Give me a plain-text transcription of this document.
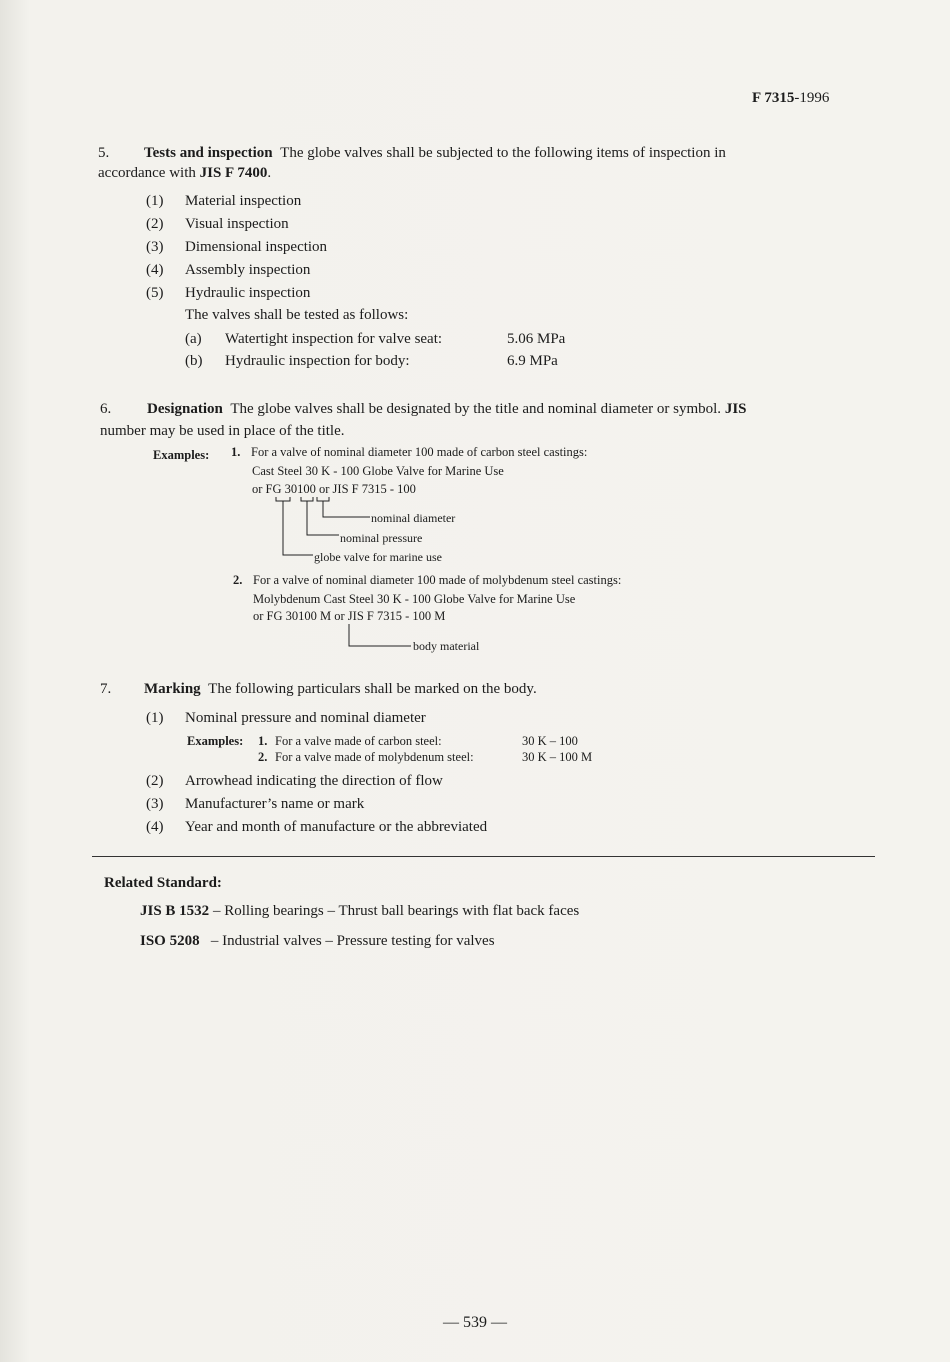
F 7315-1996
5. Tests and inspection The globe valves shall be subjected to the following items of inspection in
accordance with JIS F 7400.
(1) Material inspection
(2) Visual inspection
(3) Dimensional inspection
(4) Assembly inspection
(5) Hydraulic inspection
The valves shall be tested as follows:
(a) Watertight inspection for valve seat:	5.06 MPa
(b) Hydraulic inspection for body:	6.9 MPa
6. Designation The globe valves shall be designated by the title and nominal diameter or symbol. JIS
number may be used in place of the title.
Examples: 1. For a valve of nominal diameter 100 made of carbon steel castings:
Cast Steel 30 K - 100 Globe Valve for Marine Use
or FG 30100 or JIS F 7315 - 100
nominal diameter
nominal pressure
globe valve for marine use
2. For a valve of nominal diameter 100 made of molybdenum steel castings:
Molybdenum Cast Steel 30 K - 100 Globe Valve for Marine Use
or FG 30100 M or JIS F 7315 - 100 M
body material
7. Marking The following particulars shall be marked on the body.
(1) Nominal pressure and nominal diameter
Examples: 1. For a valve made of carbon steel:	30 K – 100
2. For a valve made of molybdenum steel:	30 K – 100 M
(2) Arrowhead indicating the direction of flow
(3) Manufacturer’s name or mark
(4) Year and month of manufacture or the abbreviated
Related Standard:
JIS B 1532 – Rolling bearings – Thrust ball bearings with flat back faces
ISO 5208   – Industrial valves – Pressure testing for valves
— 539 —
